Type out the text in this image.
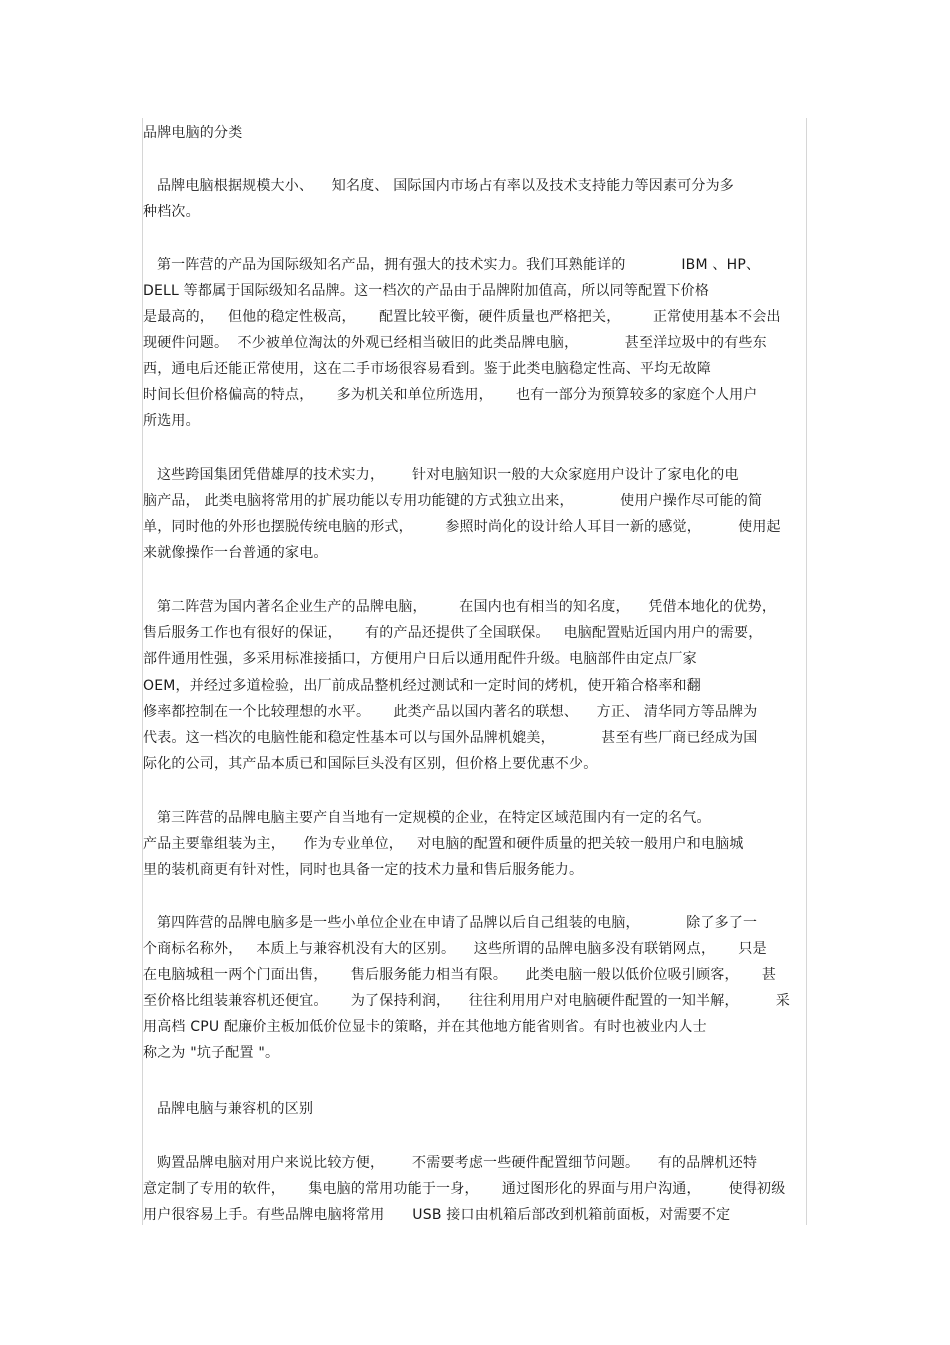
品牌电脑的分类
品牌电脑根据规模大小、    知名度、 国际国内市场占有率以及技术支持能力等因素可分为多
种档次。
第一阵营的产品为国际级知名产品，拥有强大的技术实力。我们耳熟能详的            IBM 、HP、
DELL 等都属于国际级知名品牌。这一档次的产品由于品牌附加值高，所以同等配置下价格
是最高的，   但他的稳定性极高，     配置比较平衡，硬件质量也严格把关，       正常使用基本不会出
现硬件问题。  不少被单位淘汰的外观已经相当破旧的此类品牌电脑，          甚至洋垃圾中的有些东
西，通电后还能正常使用，这在二手市场很容易看到。鉴于此类电脑稳定性高、平均无故障
时间长但价格偏高的特点，     多为机关和单位所选用，     也有一部分为预算较多的家庭个人用户
所选用。
这些跨国集团凭借雄厚的技术实力，      针对电脑知识一般的大众家庭用户设计了家电化的电
脑产品， 此类电脑将常用的扩展功能以专用功能键的方式独立出来，          使用户操作尽可能的简
单，同时他的外形也摆脱传统电脑的形式，       参照时尚化的设计给人耳目一新的感觉，        使用起
来就像操作一台普通的家电。
第二阵营为国内著名企业生产的品牌电脑，       在国内也有相当的知名度，    凭借本地化的优势，
售后服务工作也有很好的保证，     有的产品还提供了全国联保。   电脑配置贴近国内用户的需要，
部件通用性强，多采用标准接插口，方便用户日后以通用配件升级。电脑部件由定点厂家
OEM，并经过多道检验，出厂前成品整机经过测试和一定时间的烤机，使开箱合格率和翻
修率都控制在一个比较理想的水平。     此类产品以国内著名的联想、    方正、 清华同方等品牌为
代表。这一档次的电脑性能和稳定性基本可以与国外品牌机媲美，          甚至有些厂商已经成为国
际化的公司，其产品本质已和国际巨头没有区别，但价格上要优惠不少。
第三阵营的品牌电脑主要产自当地有一定规模的企业，在特定区域范围内有一定的名气。
产品主要靠组装为主，    作为专业单位，   对电脑的配置和硬件质量的把关较一般用户和电脑城
里的装机商更有针对性，同时也具备一定的技术力量和售后服务能力。
第四阵营的品牌电脑多是一些小单位企业在申请了品牌以后自己组装的电脑，          除了多了一
个商标名称外，   本质上与兼容机没有大的区别。    这些所谓的品牌电脑多没有联销网点，     只是
在电脑城租一两个门面出售，     售后服务能力相当有限。    此类电脑一般以低价位吸引顾客，     甚
至价格比组装兼容机还便宜。     为了保持利润，    往往利用用户对电脑硬件配置的一知半解，        采
用高档 CPU 配廉价主板加低价位显卡的策略，并在其他地方能省则省。有时也被业内人士
称之为 "坑子配置 "。
品牌电脑与兼容机的区别
购置品牌电脑对用户来说比较方便，      不需要考虑一些硬件配置细节问题。    有的品牌机还特
意定制了专用的软件，     集电脑的常用功能于一身，     通过图形化的界面与用户沟通，      使得初级
用户很容易上手。有些品牌电脑将常用      USB 接口由机箱后部改到机箱前面板，对需要不定
